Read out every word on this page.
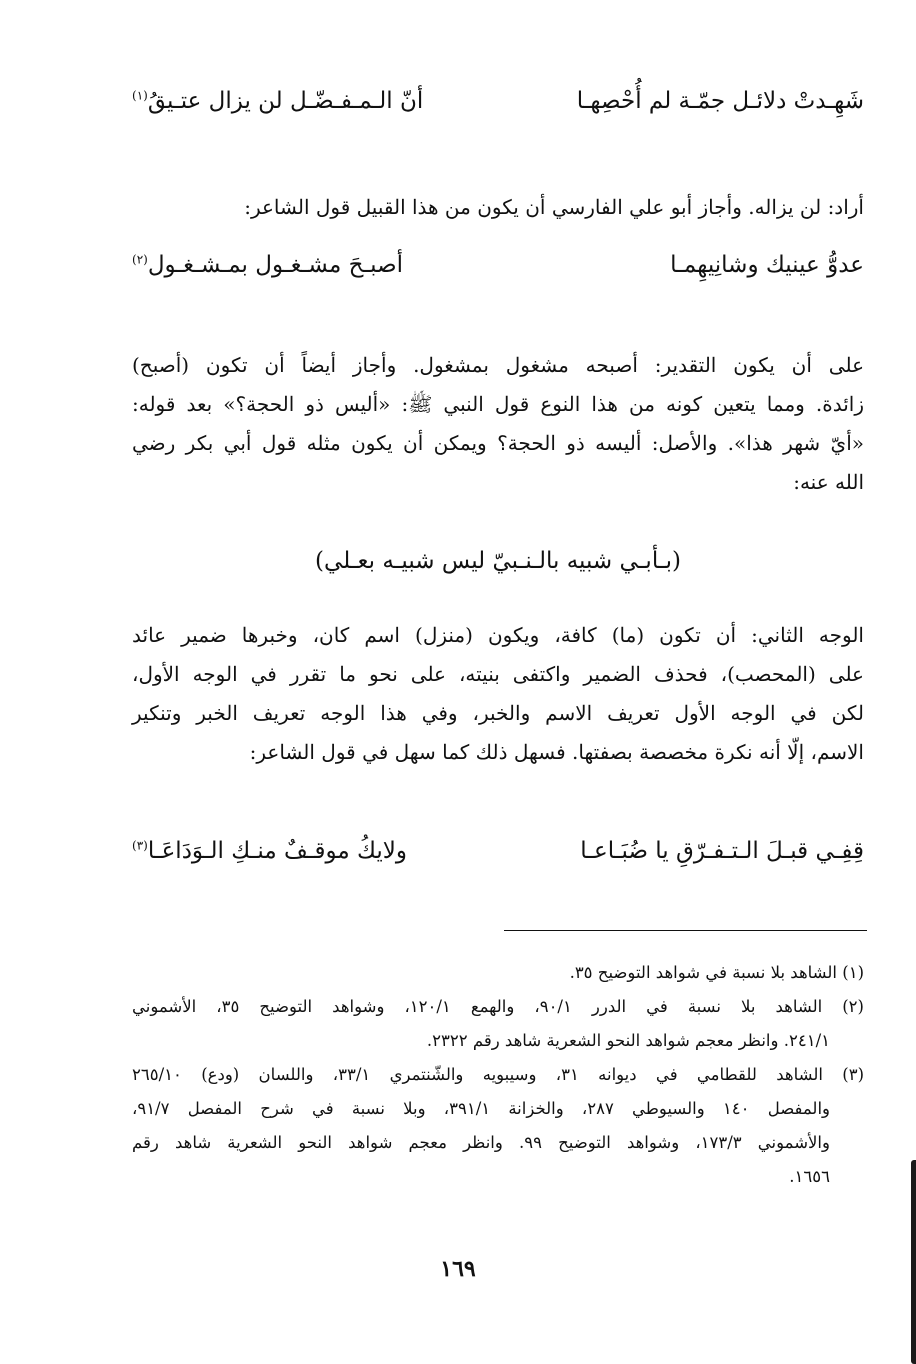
شَهِـدتْ دلائـل جمّـة لم أُحْصِهـا
أنّ الـمـفـضّـل لن يزال عتـيقُ$^{(١)}$
أراد: لن يزاله. وأجاز أبو علي الفارسي أن يكون من هذا القبيل قول الشاعر:
عدوُّ عينيك وشانِيهِمـا
أصبـحَ مشـغـول بمـشـغـول$^{(٢)}$
على أن يكون التقدير: أصبحه مشغول بمشغول. وأجاز أيضاً أن تكون (أصبح)
زائدة. ومما يتعين كونه من هذا النوع قول النبي ﷺ: «أليس ذو الحجة؟» بعد قوله:
«أيّ شهر هذا». والأصل: أليسه ذو الحجة؟ ويمكن أن يكون مثله قول أبي بكر رضي
الله عنه:
(بـأبـي شبيه بالـنـبيّ ليس شبيـه بعـلي)
الوجه الثاني: أن تكون (ما) كافة، ويكون (منزل) اسم كان، وخبرها ضمير عائد
على (المحصب)، فحذف الضمير واكتفى بنيته، على نحو ما تقرر في الوجه الأول،
لكن في الوجه الأول تعريف الاسم والخبر، وفي هذا الوجه تعريف الخبر وتنكير
الاسم، إلّا أنه نكرة مخصصة بصفتها. فسهل ذلك كما سهل في قول الشاعر:
قِفِـي قبـلَ الـتـفـرّقِ يا ضُبَـاعـا
ولايكُ موقـفٌ منـكِ الـوَدَاعَـا$^{(٣)}$
(١) الشاهد بلا نسبة في شواهد التوضيح ٣٥.
(٢) الشاهد بلا نسبة في الدرر ٩٠/١، والهمع ١٢٠/١، وشواهد التوضيح ٣٥، الأشموني
٢٤١/١. وانظر معجم شواهد النحو الشعرية شاهد رقم ٢٣٢٢.
(٣) الشاهد للقطامي في ديوانه ٣١، وسيبويه والشّنتمري ٣٣/١، واللسان (ودع) ٢٦٥/١٠
والمفصل ١٤٠ والسيوطي ٢٨٧، والخزانة ٣٩١/١، وبلا نسبة في شرح المفصل ٩١/٧،
والأشموني ١٧٣/٣، وشواهد التوضيح ٩٩. وانظر معجم شواهد النحو الشعرية شاهد رقم
١٦٥٦.
١٦٩
